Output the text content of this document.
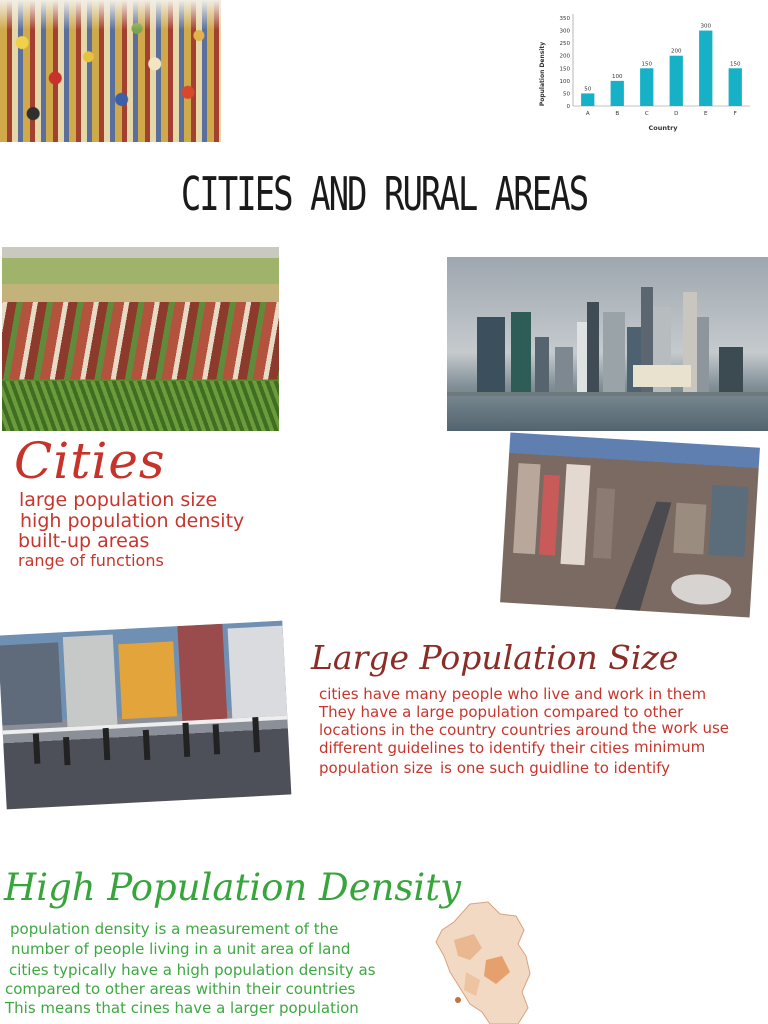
0
50
100
150
200
250
300
350
50
A
100
B
150
C
200
D
300
E
150
F
Population Density
Country
CITIES AND RURAL AREAS
Cities
large population size
high population density
built-up areas
range of functions
Large Population Size
cities have many people who live and work in them
They have a large population compared to other
locations in the country countries around the work use
different guidelines to identify their cities minimum
population size is one such guidline to identify
High Population Density
population density is a measurement of the
number of people living in a unit area of land
cities typically have a high population density as
compared to other areas within their countries
This means that cines have a larger population
